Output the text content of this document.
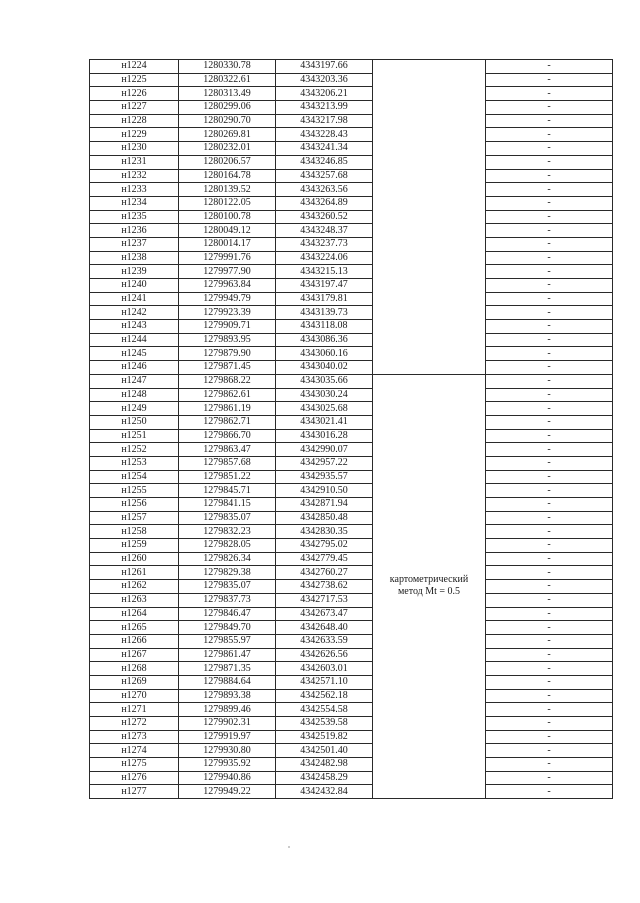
н1224	1280330.78	4343197.66		-
н1225	1280322.61	4343203.36		-
н1226	1280313.49	4343206.21		-
н1227	1280299.06	4343213.99		-
н1228	1280290.70	4343217.98		-
н1229	1280269.81	4343228.43		-
н1230	1280232.01	4343241.34		-
н1231	1280206.57	4343246.85		-
н1232	1280164.78	4343257.68		-
н1233	1280139.52	4343263.56		-
н1234	1280122.05	4343264.89		-
н1235	1280100.78	4343260.52		-
н1236	1280049.12	4343248.37		-
н1237	1280014.17	4343237.73		-
н1238	1279991.76	4343224.06		-
н1239	1279977.90	4343215.13		-
н1240	1279963.84	4343197.47		-
н1241	1279949.79	4343179.81		-
н1242	1279923.39	4343139.73		-
н1243	1279909.71	4343118.08		-
н1244	1279893.95	4343086.36		-
н1245	1279879.90	4343060.16		-
н1246	1279871.45	4343040.02		-
н1247	1279868.22	4343035.66	картометрический
метод Mt = 0.5	-
н1248	1279862.61	4343030.24		-
н1249	1279861.19	4343025.68		-
н1250	1279862.71	4343021.41		-
н1251	1279866.70	4343016.28		-
н1252	1279863.47	4342990.07		-
н1253	1279857.68	4342957.22		-
н1254	1279851.22	4342935.57		-
н1255	1279845.71	4342910.50		-
н1256	1279841.15	4342871.94		-
н1257	1279835.07	4342850.48		-
н1258	1279832.23	4342830.35		-
н1259	1279828.05	4342795.02		-
н1260	1279826.34	4342779.45		-
н1261	1279829.38	4342760.27		-
н1262	1279835.07	4342738.62		-
н1263	1279837.73	4342717.53		-
н1264	1279846.47	4342673.47		-
н1265	1279849.70	4342648.40		-
н1266	1279855.97	4342633.59		-
н1267	1279861.47	4342626.56		-
н1268	1279871.35	4342603.01		-
н1269	1279884.64	4342571.10		-
н1270	1279893.38	4342562.18		-
н1271	1279899.46	4342554.58		-
н1272	1279902.31	4342539.58		-
н1273	1279919.97	4342519.82		-
н1274	1279930.80	4342501.40		-
н1275	1279935.92	4342482.98		-
н1276	1279940.86	4342458.29		-
н1277	1279949.22	4342432.84		-
